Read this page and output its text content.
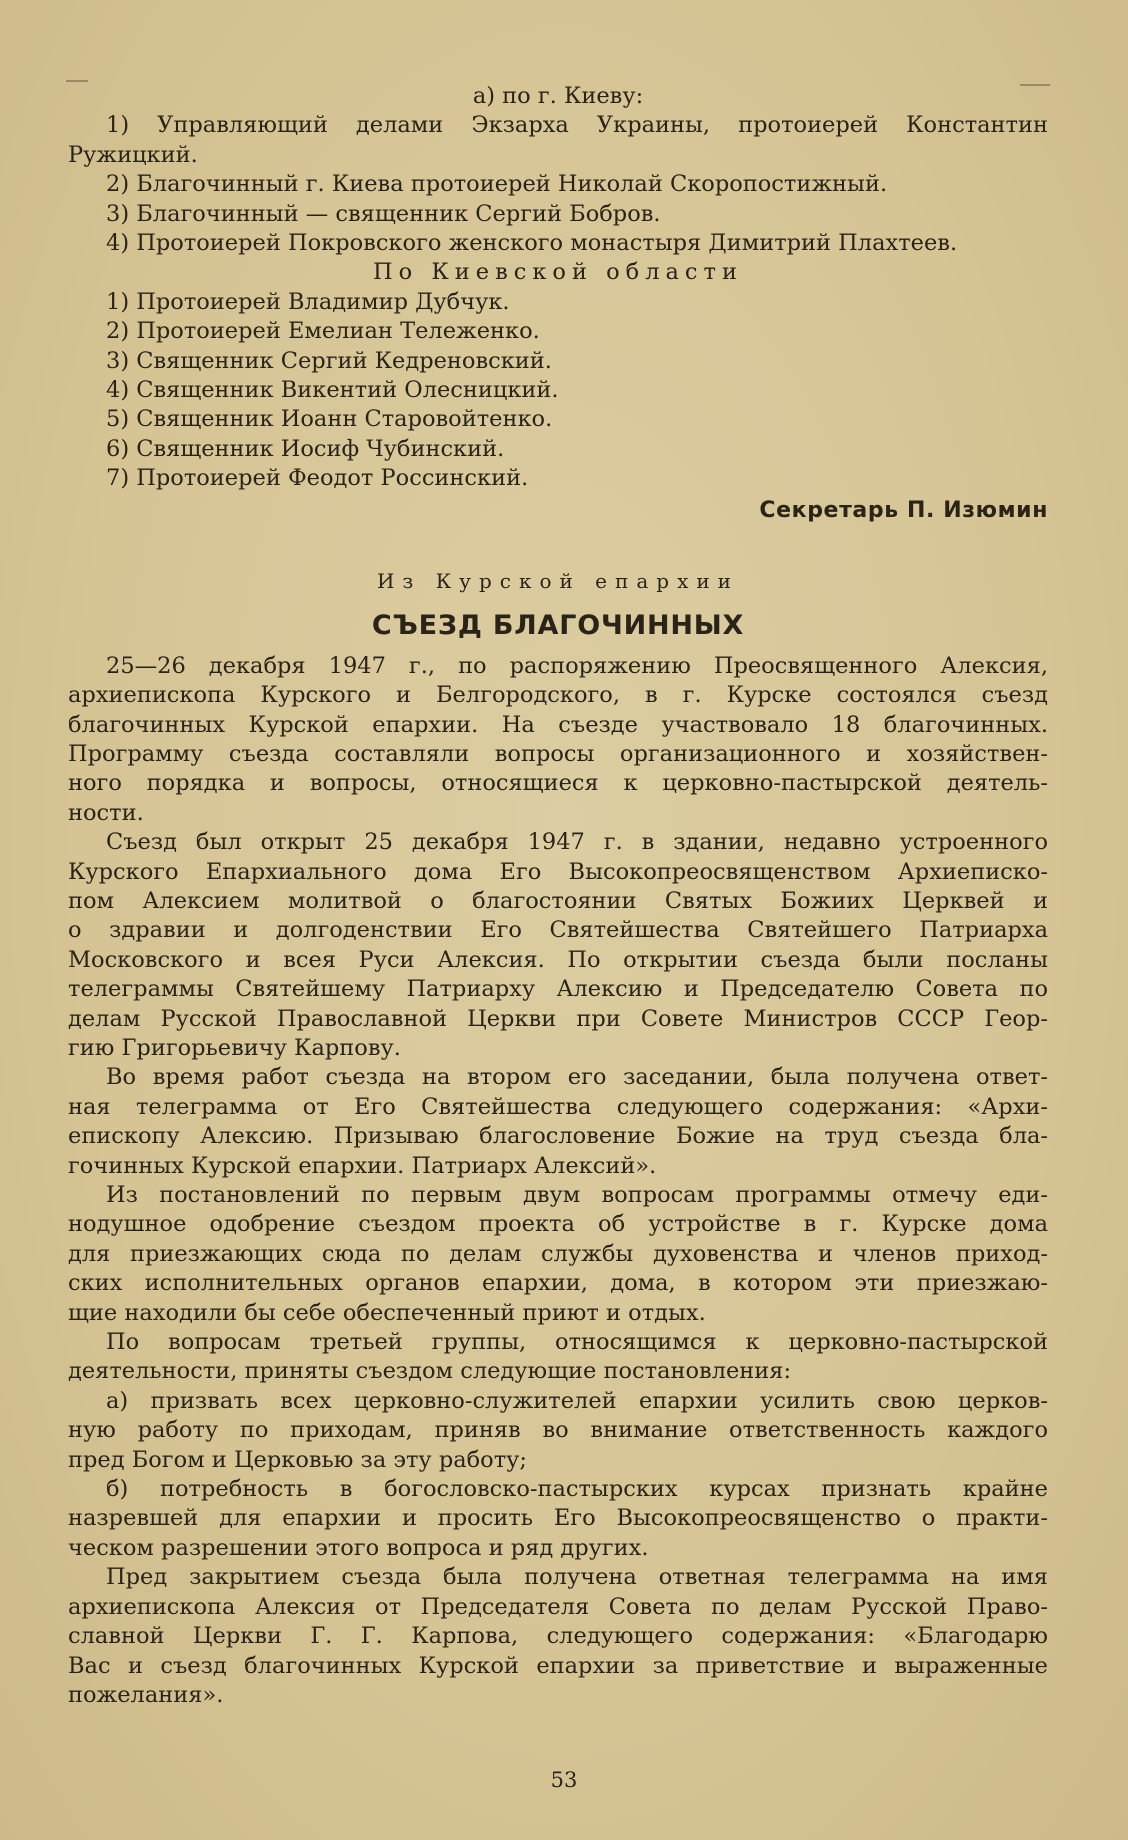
а) по г. Киеву:
1) Управляющий делами Экзарха Украины, протоиерей Константин
Ружицкий.
2) Благочинный г. Киева протоиерей Николай Скоропостижный.
3) Благочинный — священник Сергий Бобров.
4) Протоиерей Покровского женского монастыря Димитрий Плахтеев.
По Киевской области
1) Протоиерей Владимир Дубчук.
2) Протоиерей Емелиан Тележенко.
3) Священник Сергий Кедреновский.
4) Священник Викентий Олесницкий.
5) Священник Иоанн Старовойтенко.
6) Священник Иосиф Чубинский.
7) Протоиерей Феодот Россинский.
Секретарь П. Изюмин
Из Курской епархии
СЪЕЗД БЛАГОЧИННЫХ
25—26 декабря 1947 г., по распоряжению Преосвященного Алексия,
архиепископа Курского и Белгородского, в г. Курске состоялся съезд
благочинных Курской епархии. На съезде участвовало 18 благочинных.
Программу съезда составляли вопросы организационного и хозяйствен-
ного порядка и вопросы, относящиеся к церковно-пастырской деятель-
ности.
Съезд был открыт 25 декабря 1947 г. в здании, недавно устроенного
Курского Епархиального дома Его Высокопреосвященством Архиеписко-
пом Алексием молитвой о благостоянии Святых Божиих Церквей и
о здравии и долгоденствии Его Святейшества Святейшего Патриарха
Московского и всея Руси Алексия. По открытии съезда были посланы
телеграммы Святейшему Патриарху Алексию и Председателю Совета по
делам Русской Православной Церкви при Совете Министров СССР Геор-
гию Григорьевичу Карпову.
Во время работ съезда на втором его заседании, была получена ответ-
ная телеграмма от Его Святейшества следующего содержания: «Архи-
епископу Алексию. Призываю благословение Божие на труд съезда бла-
гочинных Курской епархии. Патриарх Алексий».
Из постановлений по первым двум вопросам программы отмечу еди-
нодушное одобрение съездом проекта об устройстве в г. Курске дома
для приезжающих сюда по делам службы духовенства и членов приход-
ских исполнительных органов епархии, дома, в котором эти приезжаю-
щие находили бы себе обеспеченный приют и отдых.
По вопросам третьей группы, относящимся к церковно-пастырской
деятельности, приняты съездом следующие постановления:
а) призвать всех церковно-служителей епархии усилить свою церков-
ную работу по приходам, приняв во внимание ответственность каждого
пред Богом и Церковью за эту работу;
б) потребность в богословско-пастырских курсах признать крайне
назревшей для епархии и просить Его Высокопреосвященство о практи-
ческом разрешении этого вопроса и ряд других.
Пред закрытием съезда была получена ответная телеграмма на имя
архиепископа Алексия от Председателя Совета по делам Русской Право-
славной Церкви Г. Г. Карпова, следующего содержания: «Благодарю
Вас и съезд благочинных Курской епархии за приветствие и выраженные
пожелания».
53
